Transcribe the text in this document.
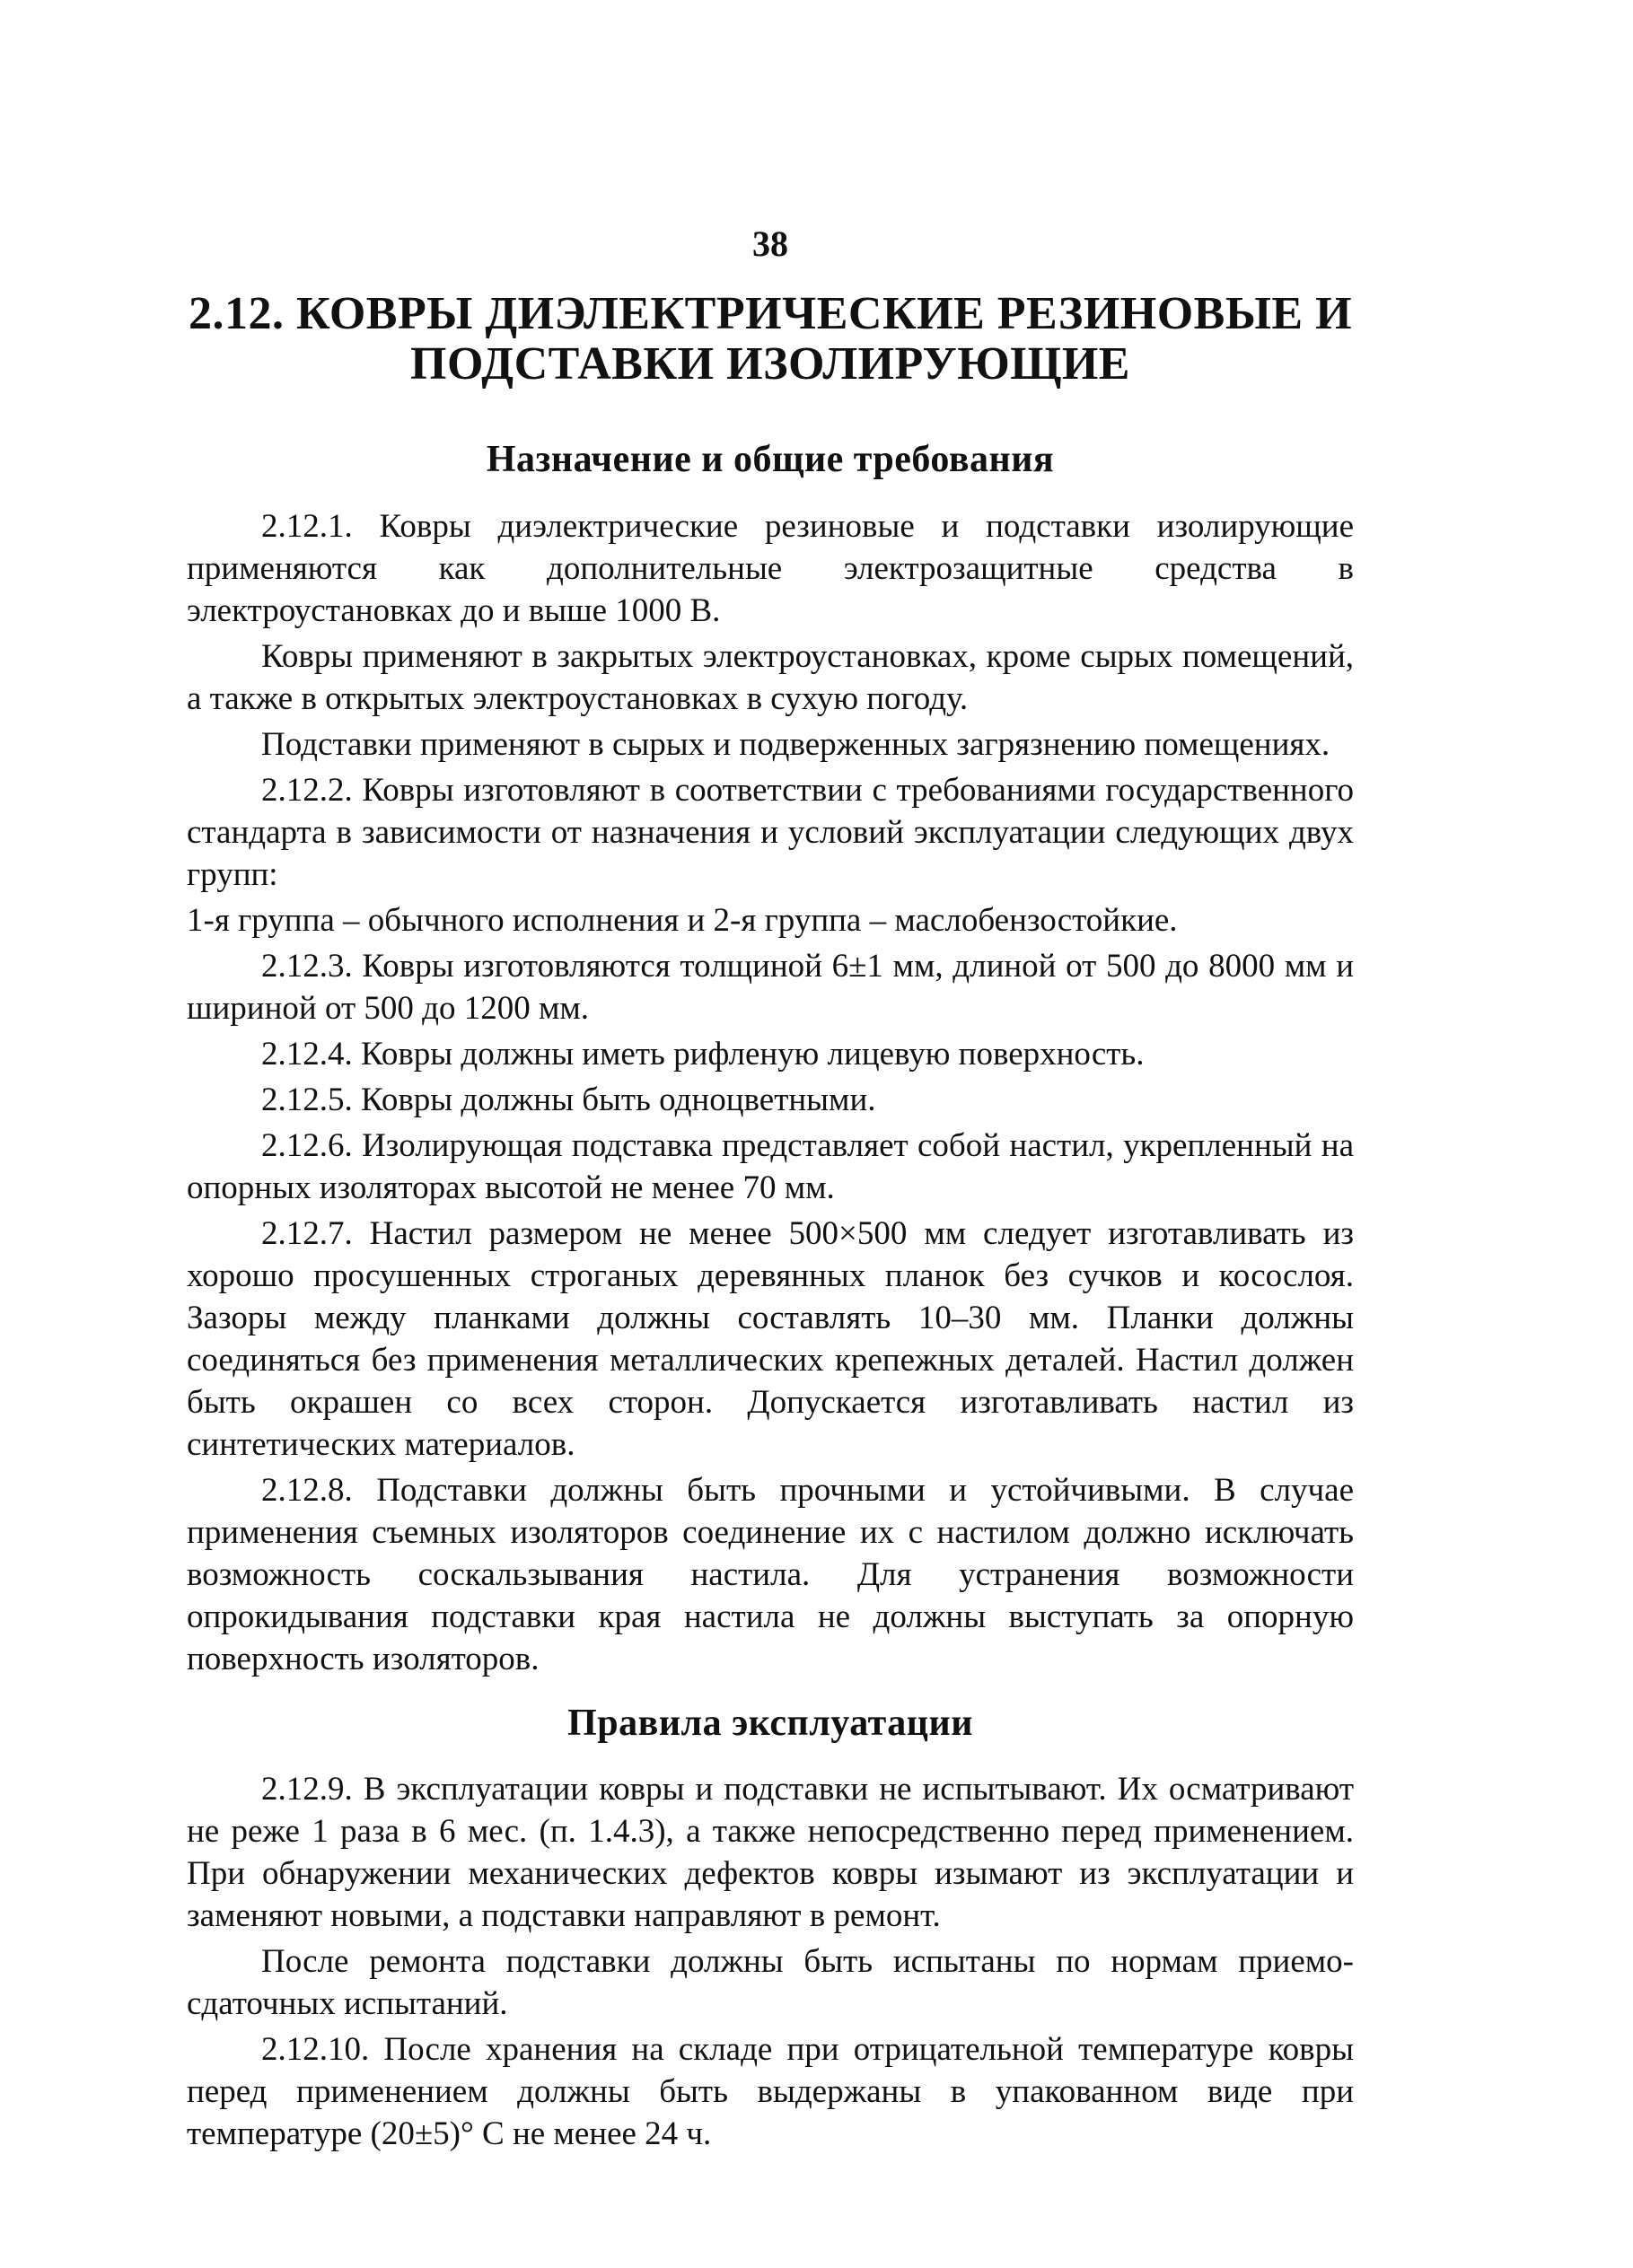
38
2.12. КОВРЫ ДИЭЛЕКТРИЧЕСКИЕ РЕЗИНОВЫЕ И ПОДСТАВКИ ИЗОЛИРУЮЩИЕ
Назначение и общие требования

2.12.1. Ковры диэлектрические резиновые и подставки изолирующие применяются как дополнительные электрозащитные средства в электроустановках до и выше 1000 В.

Ковры применяют в закрытых электроустановках, кроме сырых помещений, а также в открытых электроустановках в сухую погоду.

Подставки применяют в сырых и подверженных загрязнению помещениях.

2.12.2. Ковры изготовляют в соответствии с требованиями государственного стандарта в зависимости от назначения и условий эксплуатации следующих двух групп:

1-я группа – обычного исполнения и 2-я группа – маслобензостойкие.

2.12.3. Ковры изготовляются толщиной 6±1 мм, длиной от 500 до 8000 мм и шириной от 500 до 1200 мм.

2.12.4. Ковры должны иметь рифленую лицевую поверхность.

2.12.5. Ковры должны быть одноцветными.

2.12.6. Изолирующая подставка представляет собой настил, укрепленный на опорных изоляторах высотой не менее 70 мм.

2.12.7. Настил размером не менее 500×500 мм следует изготавливать из хорошо просушенных строганых деревянных планок без сучков и косослоя. Зазоры между планками должны составлять 10–30 мм. Планки должны соединяться без применения металлических крепежных деталей. Настил должен быть окрашен со всех сторон. Допускается изготавливать настил из синтетических материалов.

2.12.8. Подставки должны быть прочными и устойчивыми. В случае применения съемных изоляторов соединение их с настилом должно исключать возможность соскальзывания настила. Для устранения возможности опрокидывания подставки края настила не должны выступать за опорную поверхность изоляторов.

Правила эксплуатации

2.12.9. В эксплуатации ковры и подставки не испытывают. Их осматривают не реже 1 раза в 6 мес. (п. 1.4.3), а также непосредственно перед применением. При обнаружении механических дефектов ковры изымают из эксплуатации и заменяют новыми, а подставки направляют в ремонт.

После ремонта подставки должны быть испытаны по нормам приемо-сдаточных испытаний.

2.12.10. После хранения на складе при отрицательной температуре ковры перед применением должны быть выдержаны в упакованном виде при температуре (20±5)° С не менее 24 ч.
